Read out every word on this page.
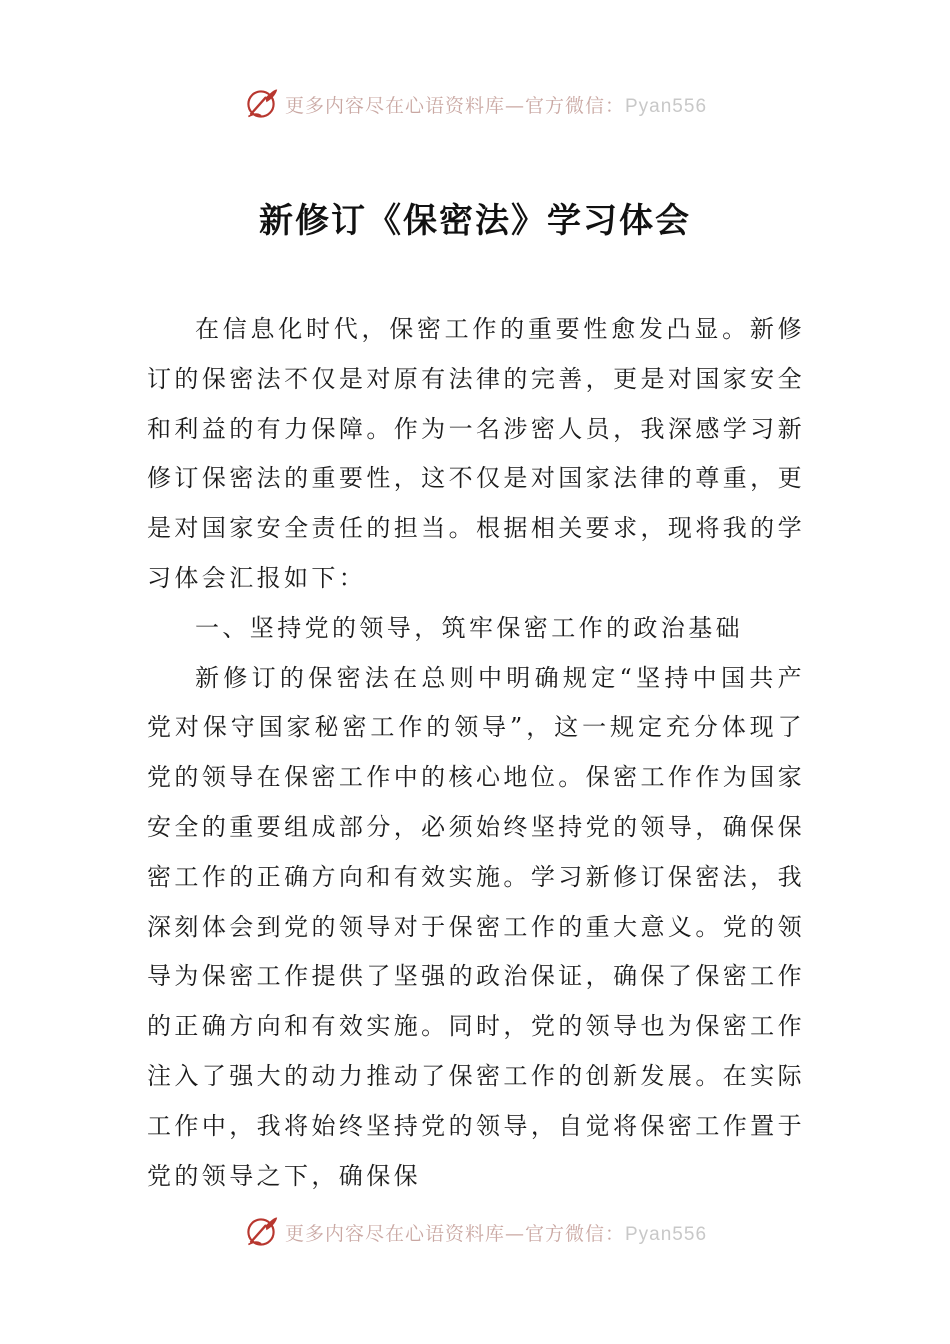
更多内容尽在心语资料库—官方微信：Pyan556
新修订《保密法》学习体会

在信息化时代，保密工作的重要性愈发凸显。新修订的保密法不仅是对原有法律的完善，更是对国家安全和利益的有力保障。作为一名涉密人员，我深感学习新修订保密法的重要性，这不仅是对国家法律的尊重，更是对国家安全责任的担当。根据相关要求，现将我的学习体会汇报如下：

一、坚持党的领导，筑牢保密工作的政治基础

新修订的保密法在总则中明确规定“坚持中国共产党对保守国家秘密工作的领导”，这一规定充分体现了党的领导在保密工作中的核心地位。保密工作作为国家安全的重要组成部分，必须始终坚持党的领导，确保保密工作的正确方向和有效实施。学习新修订保密法，我深刻体会到党的领导对于保密工作的重大意义。党的领导为保密工作提供了坚强的政治保证，确保了保密工作的正确方向和有效实施。同时，党的领导也为保密工作注入了强大的动力推动了保密工作的创新发展。在实际工作中，我将始终坚持党的领导，自觉将保密工作置于党的领导之下，确保保

更多内容尽在心语资料库—官方微信：Pyan556
